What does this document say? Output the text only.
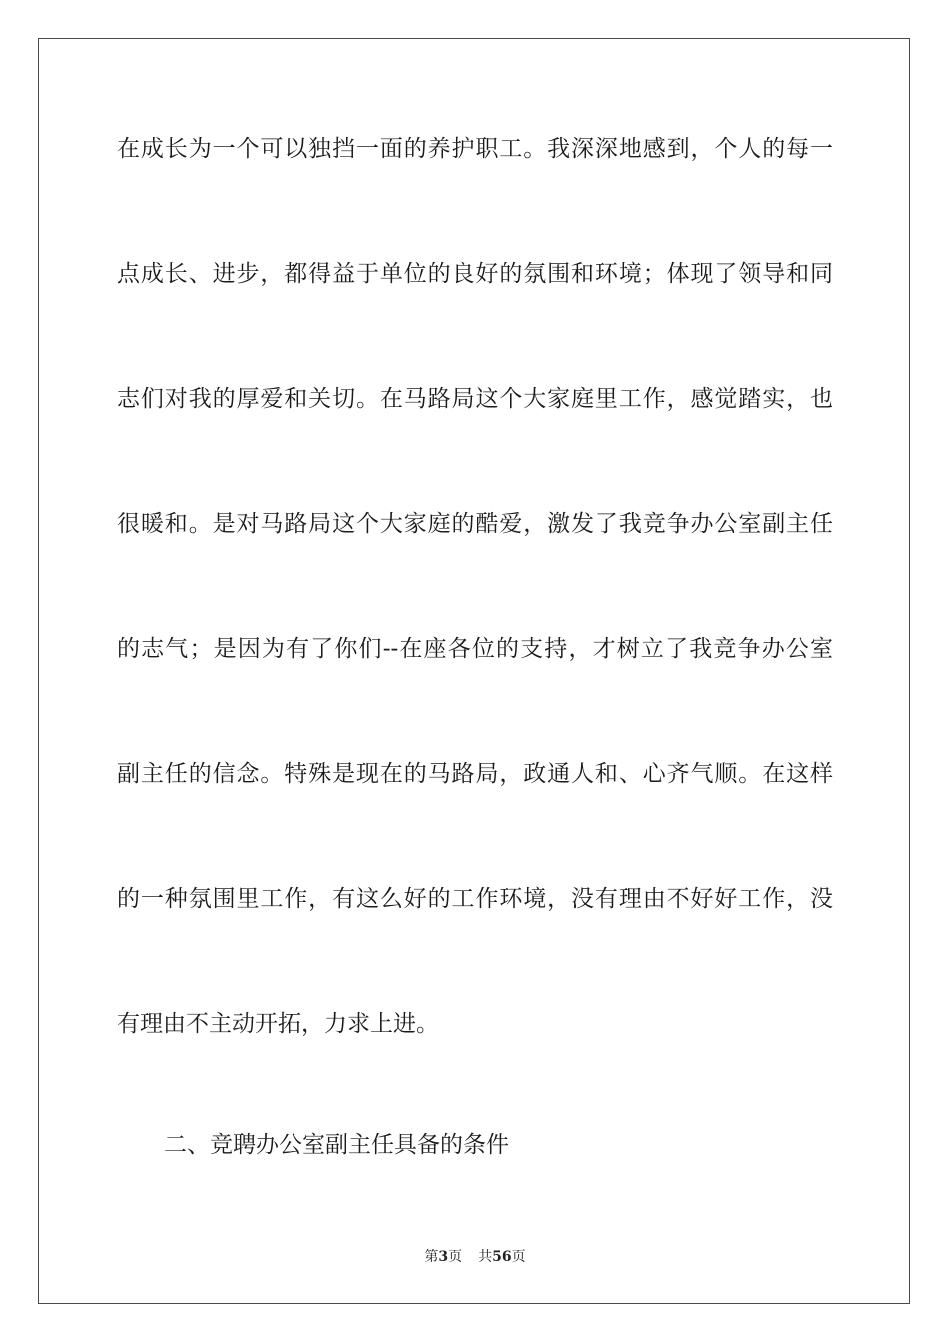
在成长为一个可以独挡一面的养护职工。我深深地感到，个人的每一
点成长、进步，都得益于单位的良好的氛围和环境；体现了领导和同
志们对我的厚爱和关切。在马路局这个大家庭里工作，感觉踏实，也
很暖和。是对马路局这个大家庭的酷爱，激发了我竞争办公室副主任
的志气；是因为有了你们--在座各位的支持，才树立了我竞争办公室
副主任的信念。特殊是现在的马路局，政通人和、心齐气顺。在这样
的一种氛围里工作，有这么好的工作环境，没有理由不好好工作，没
有理由不主动开拓，力求上进。
二、竞聘办公室副主任具备的条件
第3页 共56页
